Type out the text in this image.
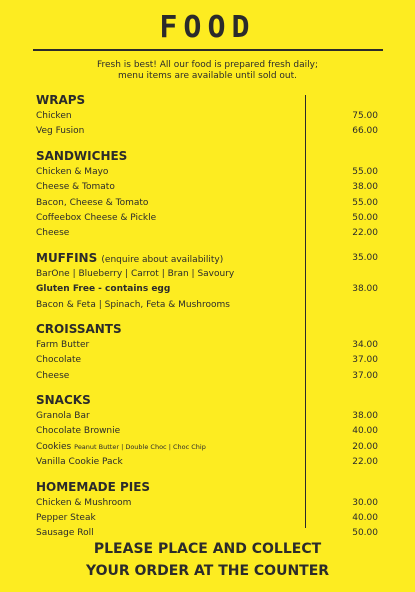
FOOD
Fresh is best! All our food is prepared fresh daily;
menu items are available until sold out.
WRAPS
Chicken	75.00
Veg Fusion	66.00
SANDWICHES
Chicken & Mayo	55.00
Cheese & Tomato	38.00
Bacon, Cheese & Tomato	55.00
Coffeebox Cheese & Pickle	50.00
Cheese	22.00
MUFFINS (enquire about availability)	35.00
BarOne | Blueberry | Carrot | Bran | Savoury
Gluten Free - contains egg	38.00
Bacon & Feta | Spinach, Feta & Mushrooms
CROISSANTS
Farm Butter	34.00
Chocolate	37.00
Cheese	37.00
SNACKS
Granola Bar	38.00
Chocolate Brownie	40.00
Cookies Peanut Butter | Double Choc | Choc Chip	20.00
Vanilla Cookie Pack	22.00
HOMEMADE PIES
Chicken & Mushroom	30.00
Pepper Steak	40.00
Sausage Roll	50.00
PLEASE PLACE AND COLLECT
YOUR ORDER AT THE COUNTER
